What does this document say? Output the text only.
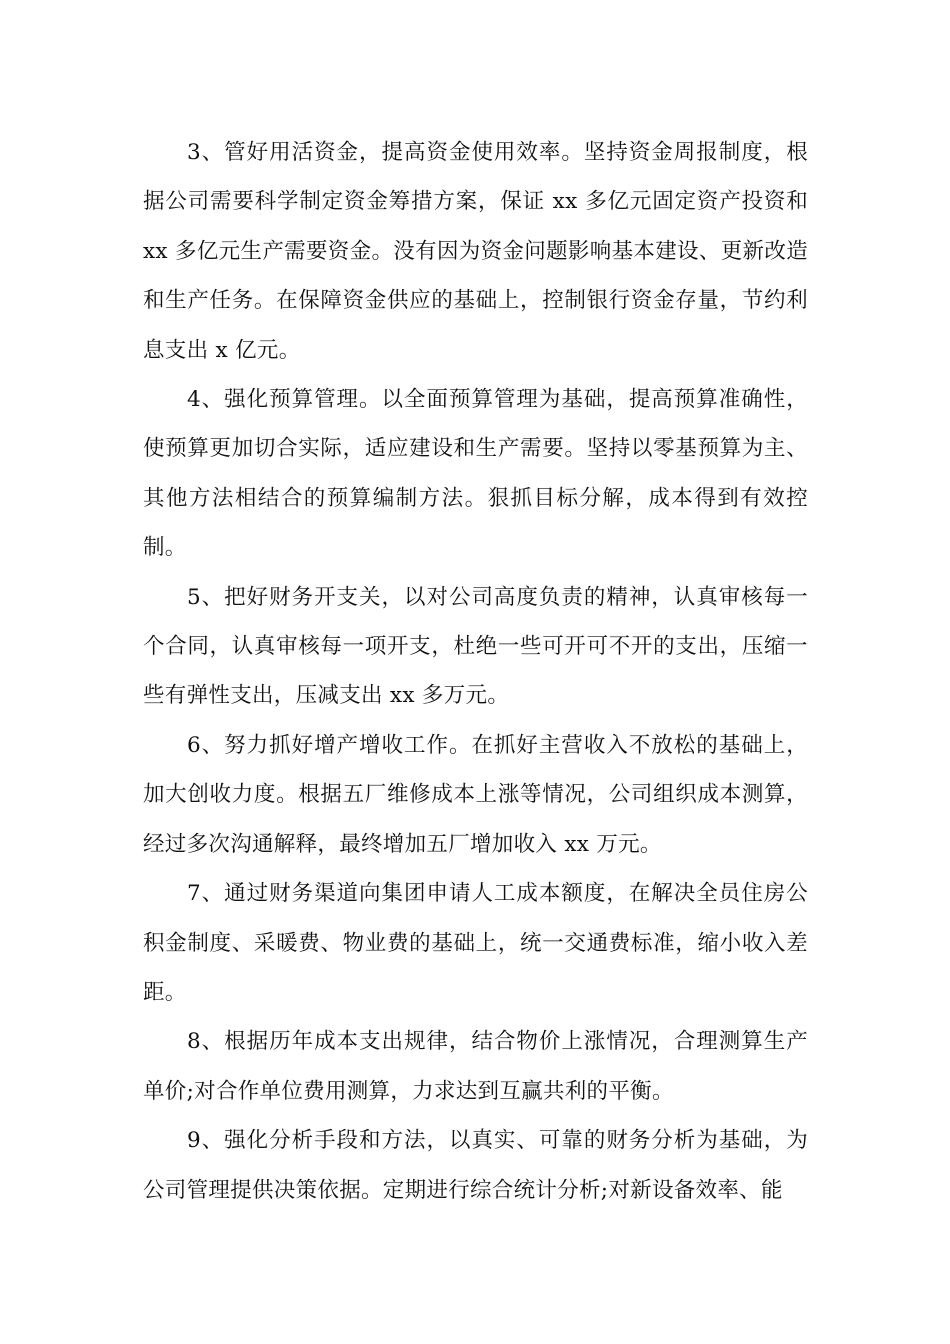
3、管好用活资金，提高资金使用效率。坚持资金周报制度，根据公司需要科学制定资金筹措方案，保证 xx 多亿元固定资产投资和 xx 多亿元生产需要资金。没有因为资金问题影响基本建设、更新改造和生产任务。在保障资金供应的基础上，控制银行资金存量，节约利息支出 x 亿元。

4、强化预算管理。以全面预算管理为基础，提高预算准确性，使预算更加切合实际，适应建设和生产需要。坚持以零基预算为主、其他方法相结合的预算编制方法。狠抓目标分解，成本得到有效控制。

5、把好财务开支关，以对公司高度负责的精神，认真审核每一个合同，认真审核每一项开支，杜绝一些可开可不开的支出，压缩一些有弹性支出，压减支出 xx 多万元。

6、努力抓好增产增收工作。在抓好主营收入不放松的基础上，加大创收力度。根据五厂维修成本上涨等情况，公司组织成本测算，经过多次沟通解释，最终增加五厂增加收入 xx 万元。

7、通过财务渠道向集团申请人工成本额度，在解决全员住房公积金制度、采暖费、物业费的基础上，统一交通费标准，缩小收入差距。

8、根据历年成本支出规律，结合物价上涨情况，合理测算生产单价;对合作单位费用测算，力求达到互赢共利的平衡。

9、强化分析手段和方法，以真实、可靠的财务分析为基础，为公司管理提供决策依据。定期进行综合统计分析;对新设备效率、能
